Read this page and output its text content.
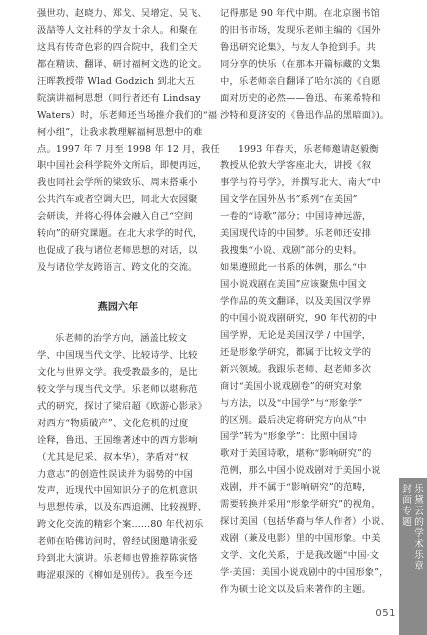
强世功、赵晓力、郑戈、吴增定、吴飞、
汲喆等人文社科的学友十余人。和聚在
这具有传奇色彩的四合院中，我们全天
都在精读、翻译、研讨福柯文选的论文。
汪晖教授带 Wlad Godzich 到北大五
院演讲福柯思想（同行者还有 Lindsay
Waters）时，乐老师还当场推介我们的“福
柯小组”，让我求教理解福柯思想中的难
点。1997 年 7 月至 1998 年 12 月，我任
职中国社会科学院外文所后，即便再远，
我也同社会学所的梁致乐、周末搭乘小
公共汽车或者空调大巴，同北大农园聚
会研读，并将心得体会融入自己“空间
转向”的研究课题。在北大求学的时代，
也促成了我与诸位老师思想的对话，以
及与诸位学友跨语言、跨文化的交流。
燕园六年
乐老师的治学方向，涵盖比较文
学、中国现当代文学、比较诗学、比较
文化与世界文学。我受教最多的，是比
较文学与现当代文学。乐老师以堪称范
式的研究，探讨了梁启超《欧游心影录》
对西方“物质破产”、文化危机的过度
诠释，鲁迅、王国维著述中的西方影响
（尤其是尼采、叔本华），茅盾对“权
力意志”的创造性误读并为弱势的中国
发声，近现代中国知识分子的危机意识
与思想传承，以及东西追溯、比较视野、
跨文化交流的精彩个案……80 年代初乐
老师在哈佛访问时，曾经试图邀请张爱
玲到北大演讲。乐老师也曾推荐陈寅恪
晦涩艰深的《柳如是别传》。我至今还
记得那是 90 年代中期。在北京图书馆
的旧书市场，发现乐老师主编的《国外
鲁迅研究论集》，与友人争抢到手。共
同分享的快乐（在那本开篇标藏的文集
中，乐老师亲自翻译了哈尔滨的《自愿
面对历史的必然——鲁迅、布莱希特和
沙特和夏济安的《鲁迅作品的黑暗面》)。
1993 年春天，乐老师邀请赵毅衡
教授从伦敦大学客座北大，讲授《叙
事学与符号学》，并撰写北大、南大“中
国文学在国外丛书”系列“在美国”
一卷的“诗歌”部分；中国诗神远游，
美国现代诗的中国梦。乐老师还安排
我搜集“小说、戏剧”部分的史料。
如果遵照此一书系的体例，那么“中
国小说戏剧在美国”应该聚焦中国文
学作品的英文翻译，以及美国汉学界
的中国小说戏剧研究，90 年代初的中
国学界，无论是美国汉学 / 中国学，
还是形象学研究，都属于比较文学的
新兴领域。我跟乐老师、赵老师多次
商讨“美国小说戏剧卷”的研究对象
与方法，以及“中国学”与“形象学”
的区别。最后决定将研究方向从“中
国学”转为“形象学”：比照中国诗
歌对于美国诗歌，堪称“影响研究”的
范例，那么中国小说戏剧对于美国小说
戏剧，并不属于“影响研究”的范畴，
需要转换并采用“形象学研究”的视角，
探讨美国（包括华裔与华人作者）小说、
戏剧（兼及电影）里的中国形象。中美
文学、文化关系，于是我改题“中国·文
学·美国：美国小说戏剧中的中国形象”，
作为硕士论文以及后来著作的主题。
封面专题
乐黛云的学术乐章
051
